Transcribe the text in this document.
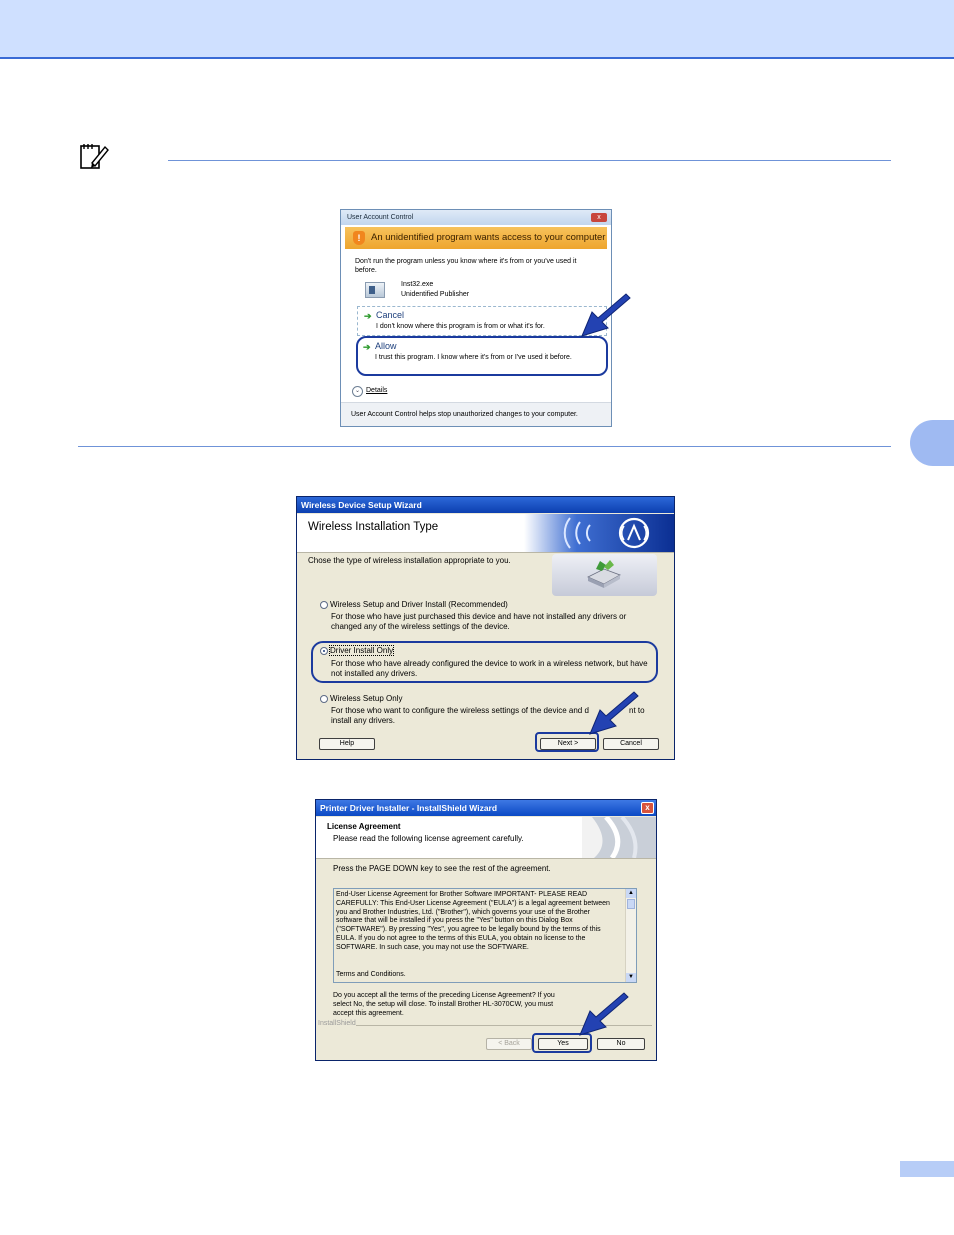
User Account Control	x
!	An unidentified program wants access to your computer
Don't run the program unless you know where it's from or you've used it
before.
Inst32.exe
Unidentified Publisher
➔ Cancel
I don't know where this program is from or what it's for.
➔ Allow
I trust this program. I know where it's from or I've used it before.
⌄ Details
User Account Control helps stop unauthorized changes to your computer.
Wireless Device Setup Wizard
Wireless Installation Type
Chose the type of wireless installation appropriate to you.
Wireless Setup and Driver Install (Recommended)
For those who have just purchased this device and have not installed any drivers or
changed any of the wireless settings of the device.
Driver Install Only
For those who have already configured the device to work in a wireless network, but have
not installed any drivers.
Wireless Setup Only
For those who want to configure the wireless settings of the device and d	nt to
install any drivers.
Help	Next >	Cancel
Printer Driver Installer - InstallShield Wizard	x
License Agreement
Please read the following license agreement carefully.
Press the PAGE DOWN key to see the rest of the agreement.
End-User License Agreement for Brother Software IMPORTANT- PLEASE READ
CAREFULLY: This End-User License Agreement ("EULA") is a legal agreement between
you and Brother Industries, Ltd. ("Brother"), which governs your use of the Brother
software that will be installed if you press the "Yes" button on this Dialog Box
("SOFTWARE"). By pressing "Yes", you agree to be legally bound by the terms of this
EULA. If you do not agree to the terms of this EULA, you obtain no license to the
SOFTWARE. In such case, you may not use the SOFTWARE.
Terms and Conditions.
▲
▼
Do you accept all the terms of the preceding License Agreement? If you
select No, the setup will close. To install Brother HL-3070CW, you must
accept this agreement.
InstallShield
< Back	Yes	No
